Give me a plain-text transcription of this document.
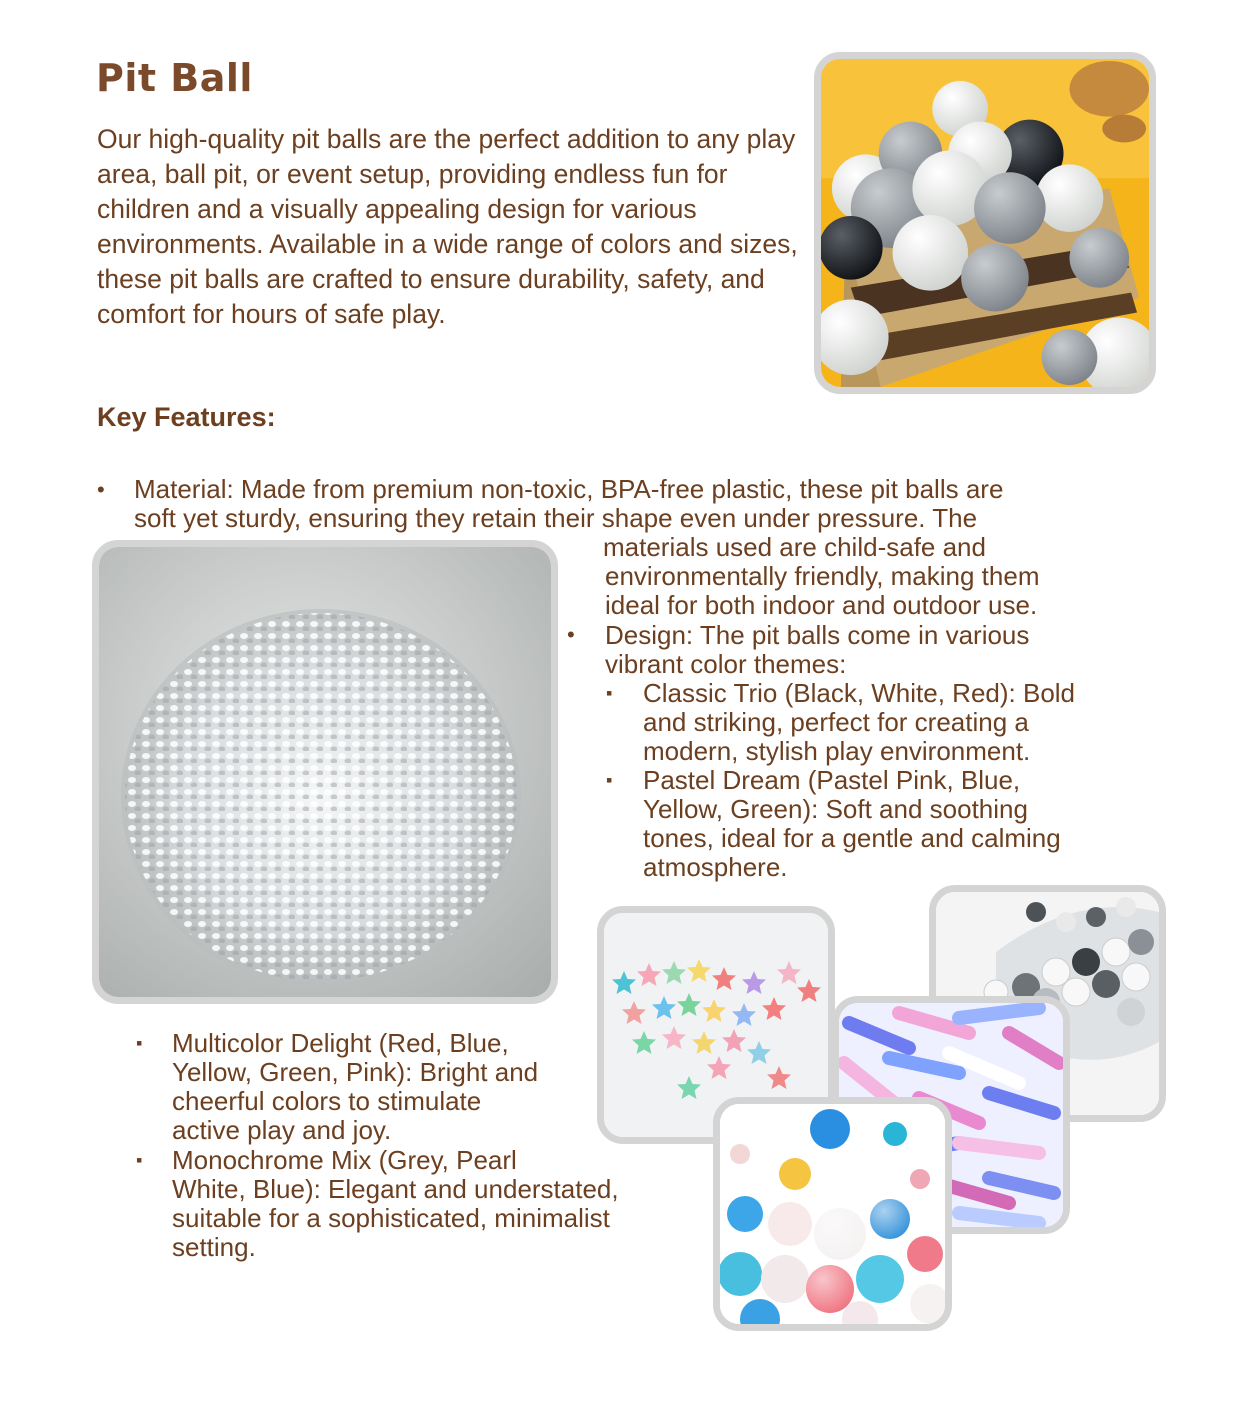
Pit Ball

Our high-quality pit balls are the perfect addition to any play area, ball pit, or event setup, providing endless fun for children and a visually appealing design for various environments. Available in a wide range of colors and sizes, these pit balls are crafted to ensure durability, safety, and comfort for hours of safe play.

Key Features:
• Material: Made from premium non-toxic, BPA-free plastic, these pit balls are

soft yet sturdy, ensuring they retain their shape even under pressure. The

materials used are child-safe and

environmentally friendly, making them

ideal for both indoor and outdoor use.

• Design: The pit balls come in various

vibrant color themes:

▪ Classic Trio (Black, White, Red): Bold

and striking, perfect for creating a

modern, stylish play environment.

▪ Pastel Dream (Pastel Pink, Blue,

Yellow, Green): Soft and soothing

tones, ideal for a gentle and calming

atmosphere.

▪ Multicolor Delight (Red, Blue,

Yellow, Green, Pink): Bright and

cheerful colors to stimulate

active play and joy.

▪ Monochrome Mix (Grey, Pearl

White, Blue): Elegant and understated,

suitable for a sophisticated, minimalist

setting.
